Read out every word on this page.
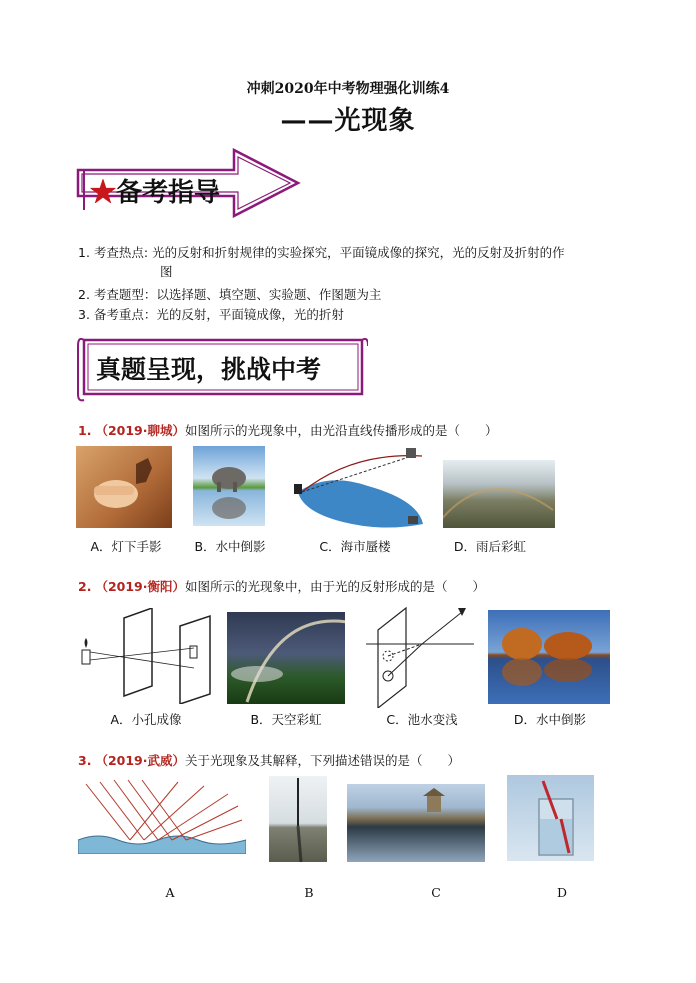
冲刺2020年中考物理强化训练4
——光现象
★备考指导
1. 考查热点: 光的反射和折射规律的实验探究，平面镜成像的探究，光的反射及折射的作
图
2. 考查题型：以选择题、填空题、实验题、作图题为主
3. 备考重点：光的反射，平面镜成像，光的折射
真题呈现，挑战中考
1. （2019·聊城）如图所示的光现象中，由光沿直线传播形成的是（　　）
A．灯下手影	B．水中倒影	C．海市蜃楼	D．雨后彩虹
2. （2019·衡阳）如图所示的光现象中，由于光的反射形成的是（　　）
A．小孔成像	B．天空彩虹	C．池水变浅	D．水中倒影
3. （2019·武威）关于光现象及其解释，下列描述错误的是（　　）
A	B	C	D
